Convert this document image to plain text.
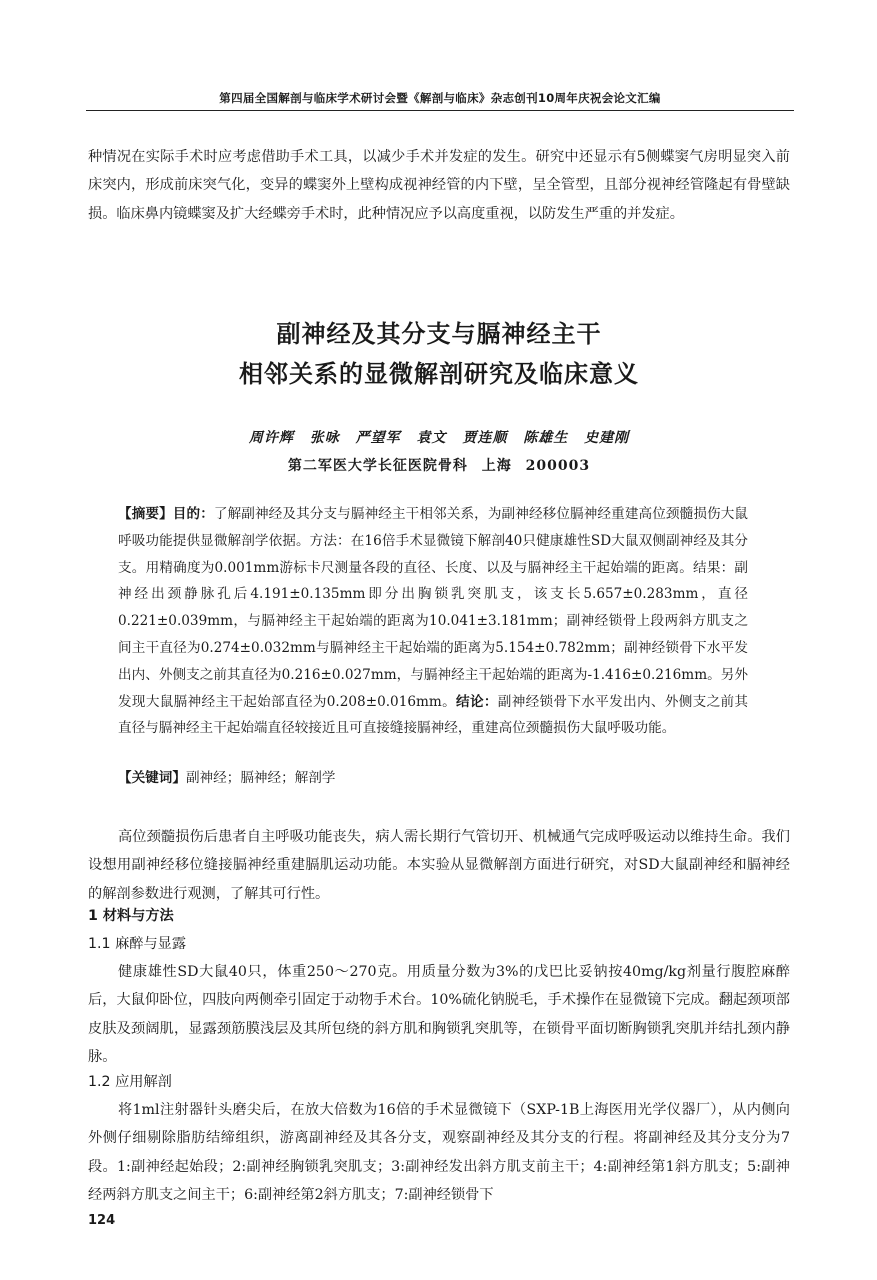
第四届全国解剖与临床学术研讨会暨《解剖与临床》杂志创刊10周年庆祝会论文汇编
种情况在实际手术时应考虑借助手术工具，以减少手术并发症的发生。研究中还显示有5侧蝶窦气房明显突入前床突内，形成前床突气化，变异的蝶窦外上壁构成视神经管的内下壁，呈全管型，且部分视神经管隆起有骨壁缺损。临床鼻内镜蝶窦及扩大经蝶旁手术时，此种情况应予以高度重视，以防发生严重的并发症。
副神经及其分支与膈神经主干
相邻关系的显微解剖研究及临床意义
周许辉 张咏 严望军 袁文 贾连顺 陈雄生 史建刚
第二军医大学长征医院骨科 上海 200003
【摘要】目的：了解副神经及其分支与膈神经主干相邻关系，为副神经移位膈神经重建高位颈髓损伤大鼠呼吸功能提供显微解剖学依据。方法：在16倍手术显微镜下解剖40只健康雄性SD大鼠双侧副神经及其分支。用精确度为0.001mm游标卡尺测量各段的直径、长度、以及与膈神经主干起始端的距离。结果：副神经出颈静脉孔后4.191±0.135mm即分出胸锁乳突肌支，该支长5.657±0.283mm，直径0.221±0.039mm，与膈神经主干起始端的距离为10.041±3.181mm；副神经锁骨上段两斜方肌支之间主干直径为0.274±0.032mm与膈神经主干起始端的距离为5.154±0.782mm；副神经锁骨下水平发出内、外侧支之前其直径为0.216±0.027mm，与膈神经主干起始端的距离为-1.416±0.216mm。另外发现大鼠膈神经主干起始部直径为0.208±0.016mm。结论：副神经锁骨下水平发出内、外侧支之前其直径与膈神经主干起始端直径较接近且可直接缝接膈神经，重建高位颈髓损伤大鼠呼吸功能。
【关键词】副神经；膈神经；解剖学
高位颈髓损伤后患者自主呼吸功能丧失，病人需长期行气管切开、机械通气完成呼吸运动以维持生命。我们设想用副神经移位缝接膈神经重建膈肌运动功能。本实验从显微解剖方面进行研究，对SD大鼠副神经和膈神经的解剖参数进行观测，了解其可行性。
1 材料与方法
1.1 麻醉与显露
健康雄性SD大鼠40只，体重250～270克。用质量分数为3%的戊巴比妥钠按40mg/kg剂量行腹腔麻醉后，大鼠仰卧位，四肢向两侧牵引固定于动物手术台。10%硫化钠脱毛，手术操作在显微镜下完成。翻起颈项部皮肤及颈阔肌，显露颈筋膜浅层及其所包绕的斜方肌和胸锁乳突肌等，在锁骨平面切断胸锁乳突肌并结扎颈内静脉。
1.2 应用解剖
将1ml注射器针头磨尖后，在放大倍数为16倍的手术显微镜下（SXP-1B上海医用光学仪器厂），从内侧向外侧仔细剔除脂肪结缔组织，游离副神经及其各分支，观察副神经及其分支的行程。将副神经及其分支分为7段。1:副神经起始段；2:副神经胸锁乳突肌支；3:副神经发出斜方肌支前主干；4:副神经第1斜方肌支；5:副神经两斜方肌支之间主干；6:副神经第2斜方肌支；7:副神经锁骨下
124
